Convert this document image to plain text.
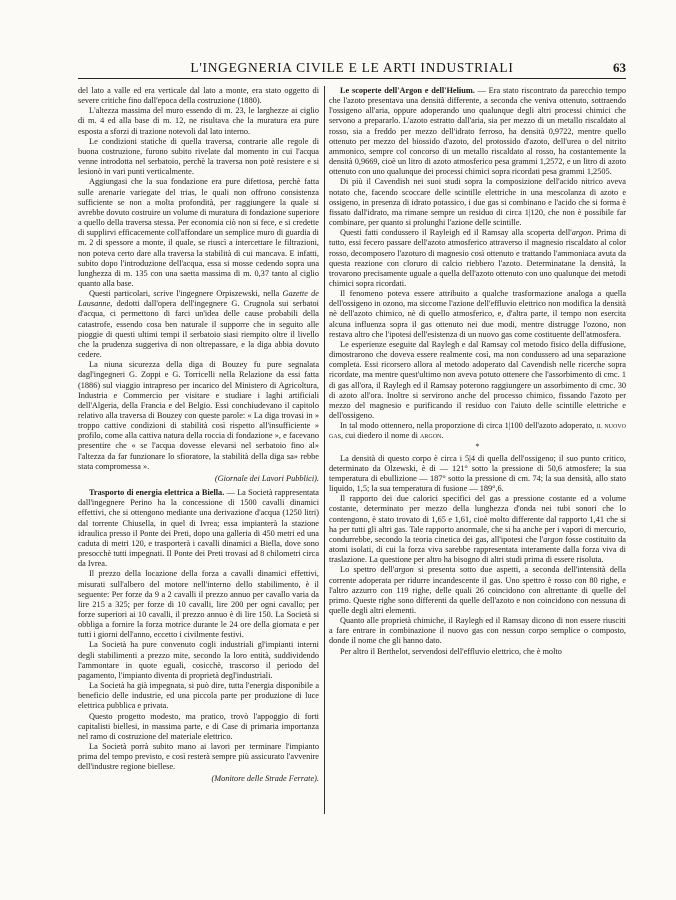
L'INGEGNERIA CIVILE E LE ARTI INDUSTRIALI	63

del lato a valle ed era verticale dal lato a monte, era stato oggetto di severe critiche fino dall'epoca della costruzione (1880).

L'altezza massima del muro essendo di m. 23, le larghezze ai ciglio di m. 4 ed alla base di m. 12, ne risultava che la muratura era pure esposta a sforzi di trazione notevoli dal lato interno.

Le condizioni statiche di quella traversa, contrarie alle regole di buona costruzione, furono subito rivelate dal momento in cui l'acqua venne introdotta nel serbatoio, perchè la traversa non potè resistere e si lesionò in vari punti verticalmente.

Aggiungasi che la sua fondazione era pure difettosa, perchè fatta sulle arenarie variegate del trias, le quali non offrono consistenza sufficiente se non a molta profondità, per raggiungere la quale si avrebbe dovuto costruire un volume di muratura di fondazione superiore a quello della traversa stessa. Per economia ciò non si fece, e si credette di supplirvi efficacemente coll'affondare un semplice muro di guardia di m. 2 di spessore a monte, il quale, se riuscì a intercettare le filtrazioni, non poteva certo dare alla traversa la stabilità di cui mancava. E infatti, subito dopo l'introduzione dell'acqua, essa si mosse cedendo sopra una lunghezza di m. 135 con una saetta massima di m. 0,37 tanto al ciglio quanto alla base.

Questi particolari, scrive l'ingegnere Orpiszewski, nella Gazette de Lausanne, dedotti dall'opera dell'ingegnere G. Crugnola sui serbatoi d'acqua, ci permettono di farci un'idea delle cause probabili della catastrofe, essendo cosa ben naturale il supporre che in seguito alle pioggie di questi ultimi tempi il serbatoio siasi riempito oltre il livello che la prudenza suggeriva di non oltrepassare, e la diga abbia dovuto cedere.

La niuna sicurezza della diga di Bouzey fu pure segnalata dagl'ingegneri G. Zoppi e G. Torricelli nella Relazione da essi fatta (1886) sul viaggio intrapreso per incarico del Ministero di Agricoltura, Industria e Commercio per visitare e studiare i laghi artificiali dell'Algeria, della Francia e del Belgio. Essi conchiudevano il capitolo relativo alla traversa di Bouzey con queste parole: « La diga trovasi in » troppo cattive condizioni di stabilità così rispetto all'insufficiente » profilo, come alla cattiva natura della roccia di fondazione », e facevano presentire che « se l'acqua dovesse elevarsi nel serbatoio fino al» l'altezza da far funzionare lo sfioratore, la stabilità della diga sa» rebbe stata compromessa ».

(Giornale dei Lavori Pubblici).

Trasporto di energia elettrica a Biella. — La Società rappresentata dall'ingegnere Perino ha la concessione di 1500 cavalli dinamici effettivi, che si ottengono mediante una derivazione d'acqua (1250 litri) dal torrente Chiusella, in quel di Ivrea; essa impianterà la stazione idraulica presso il Ponte dei Preti, dopo una galleria di 450 metri ed una caduta di metri 120, e trasporterà i cavalli dinamici a Biella, dove sono presocchè tutti impegnati. Il Ponte dei Preti trovasi ad 8 chilometri circa da Ivrea.

Il prezzo della locazione della forza a cavalli dinamici effettivi, misurati sull'albero del motore nell'interno dello stabilimento, è il seguente: Per forze da 9 a 2 cavalli il prezzo annuo per cavallo varia da lire 215 a 325; per forze di 10 cavalli, lire 200 per ogni cavallo; per forze superiori ai 10 cavalli, il prezzo annuo è di lire 150. La Società si obbliga a fornire la forza motrice durante le 24 ore della giornata e per tutti i giorni dell'anno, eccetto i civilmente festivi.

La Società ha pure convenuto cogli industriali gl'impianti interni degli stabilimenti a prezzo mite, secondo la loro entità, suddividendo l'ammontare in quote eguali, cosicchè, trascorso il periodo del pagamento, l'impianto diventa di proprietà degl'industriali.

La Società ha già impegnata, si può dire, tutta l'energia disponibile a beneficio delle industrie, ed una piccola parte per produzione di luce elettrica pubblica e privata.

Questo progetto modesto, ma pratico, trovò l'appoggio di forti capitalisti biellesi, in massima parte, e di Case di primaria importanza nel ramo di costruzione del materiale elettrico.

La Società porrà subito mano ai lavori per terminare l'impianto prima del tempo previsto, e così resterà sempre più assicurato l'avvenire dell'industre regione biellese.

(Monitore delle Strade Ferrate).

Le scoperte dell'Argon e dell'Helium. — Era stato riscontrato da parecchio tempo che l'azoto presentava una densità differente, a seconda che veniva ottenuto, sottraendo l'ossigeno all'aria, oppure adoperando uno qualunque degli altri processi chimici che servono a prepararlo. L'azoto estratto dall'aria, sia per mezzo di un metallo riscaldato al rosso, sia a freddo per mezzo dell'idrato ferroso, ha densità 0,9722, mentre quello ottenuto per mezzo del biossido d'azoto, del protossido d'azoto, dell'urea o del nitrito ammonico, sempre col concorso di un metallo riscaldato al rosso, ha costantemente la densità 0,9669, cioè un litro di azoto atmosferico pesa grammi 1,2572, e un litro di azoto ottenuto con uno qualunque dei processi chimici sopra ricordati pesa grammi 1,2505.

Di più il Cavendish nei suoi studi sopra la composizione dell'acido nitrico aveva notato che, facendo scoccare delle scintille elettriche in una mescolanza di azoto e ossigeno, in presenza di idrato potassico, i due gas si combinano e l'acido che si forma è fissato dall'idrato, ma rimane sempre un residuo di circa 1|120, che non è possibile far combinare, per quanto si prolunghi l'azione delle scintille.

Questi fatti condussero il Rayleigh ed il Ramsay alla scoperta dell'argon. Prima di tutto, essi fecero passare dell'azoto atmosferico attraverso il magnesio riscaldato al color rosso, decomposero l'azoturo di magnesio così ottenuto e trattando l'ammoniaca avuta da questa reazione con cloruro di calcio riebbero l'azoto. Determinatane la densità, la trovarono precisamente uguale a quella dell'azoto ottenuto con uno qualunque dei metodi chimici sopra ricordati.

Il fenomeno poteva essere attribuito a qualche trasformazione analoga a quella dell'ossigeno in ozono, ma siccome l'azione dell'effluvio elettrico non modifica la densità nè dell'azoto chimico, nè di quello atmosferico, e, d'altra parte, il tempo non esercita alcuna influenza sopra il gas ottenuto nei due modi, mentre distrugge l'ozono, non restava altro che l'ipotesi dell'esistenza di un nuovo gas come costituente dell'atmosfera.

Le esperienze eseguite dal Raylegh e dal Ramsay col metodo fisico della diffusione, dimostrarono che doveva essere realmente così, ma non condussero ad una separazione completa. Essi ricorsero allora al metodo adoperato dal Cavendish nelle ricerche sopra ricordate, ma mentre quest'ultimo non aveva potuto ottenere che l'assorbimento di cmc. 1 di gas all'ora, il Raylegh ed il Ramsay poterono raggiungere un assorbimento di cmc. 30 di azoto all'ora. Inoltre si servirono anche del processo chimico, fissando l'azoto per mezzo del magnesio e purificando il residuo con l'aiuto delle scintille elettriche e dell'ossigeno.

In tal modo ottennero, nella proporzione di circa 1|100 dell'azoto adoperato, il nuovo gas, cui diedero il nome di argon.

*

La densità di questo corpo è circa i 5|4 di quella dell'ossigeno; il suo punto critico, determinato da Olzewski, è di — 121° sotto la pressione di 50,6 atmosfere; la sua temperatura di ebullizione — 187° sotto la pressione di cm. 74; la sua densità, allo stato liquido, 1,5; la sua temperatura di fusione — 189°,6.

Il rapporto dei due calorici specifici del gas a pressione costante ed a volume costante, determinato per mezzo della lunghezza d'onda nei tubi sonori che lo contengono, è stato trovato di 1,65 e 1,61, cioè molto differente dal rapporto 1,41 che si ha per tutti gli altri gas. Tale rapporto anormale, che si ha anche per i vapori di mercurio, condurrebbe, secondo la teoria cinetica dei gas, all'ipotesi che l'argon fosse costituito da atomi isolati, di cui la forza viva sarebbe rappresentata interamente dalla forza viva di traslazione. La questione per altro ha bisogno di altri studi prima di essere risoluta.

Lo spettro dell'argon si presenta sotto due aspetti, a seconda dell'intensità della corrente adoperata per ridurre incandescente il gas. Uno spettro è rosso con 80 righe, e l'altro azzurro con 119 righe, delle quali 26 coincidono con altrettante di quelle del primo. Queste righe sono differenti da quelle dell'azoto e non coincidono con nessuna di quelle degli altri elementi.

Quanto alle proprietà chimiche, il Raylegh ed il Ramsay dicono di non essere riusciti a fare entrare in combinazione il nuovo gas con nessun corpo semplice o composto, donde il nome che gli hanno dato.

Per altro il Berthelot, servendosi dell'effluvio elettrico, che è molto
